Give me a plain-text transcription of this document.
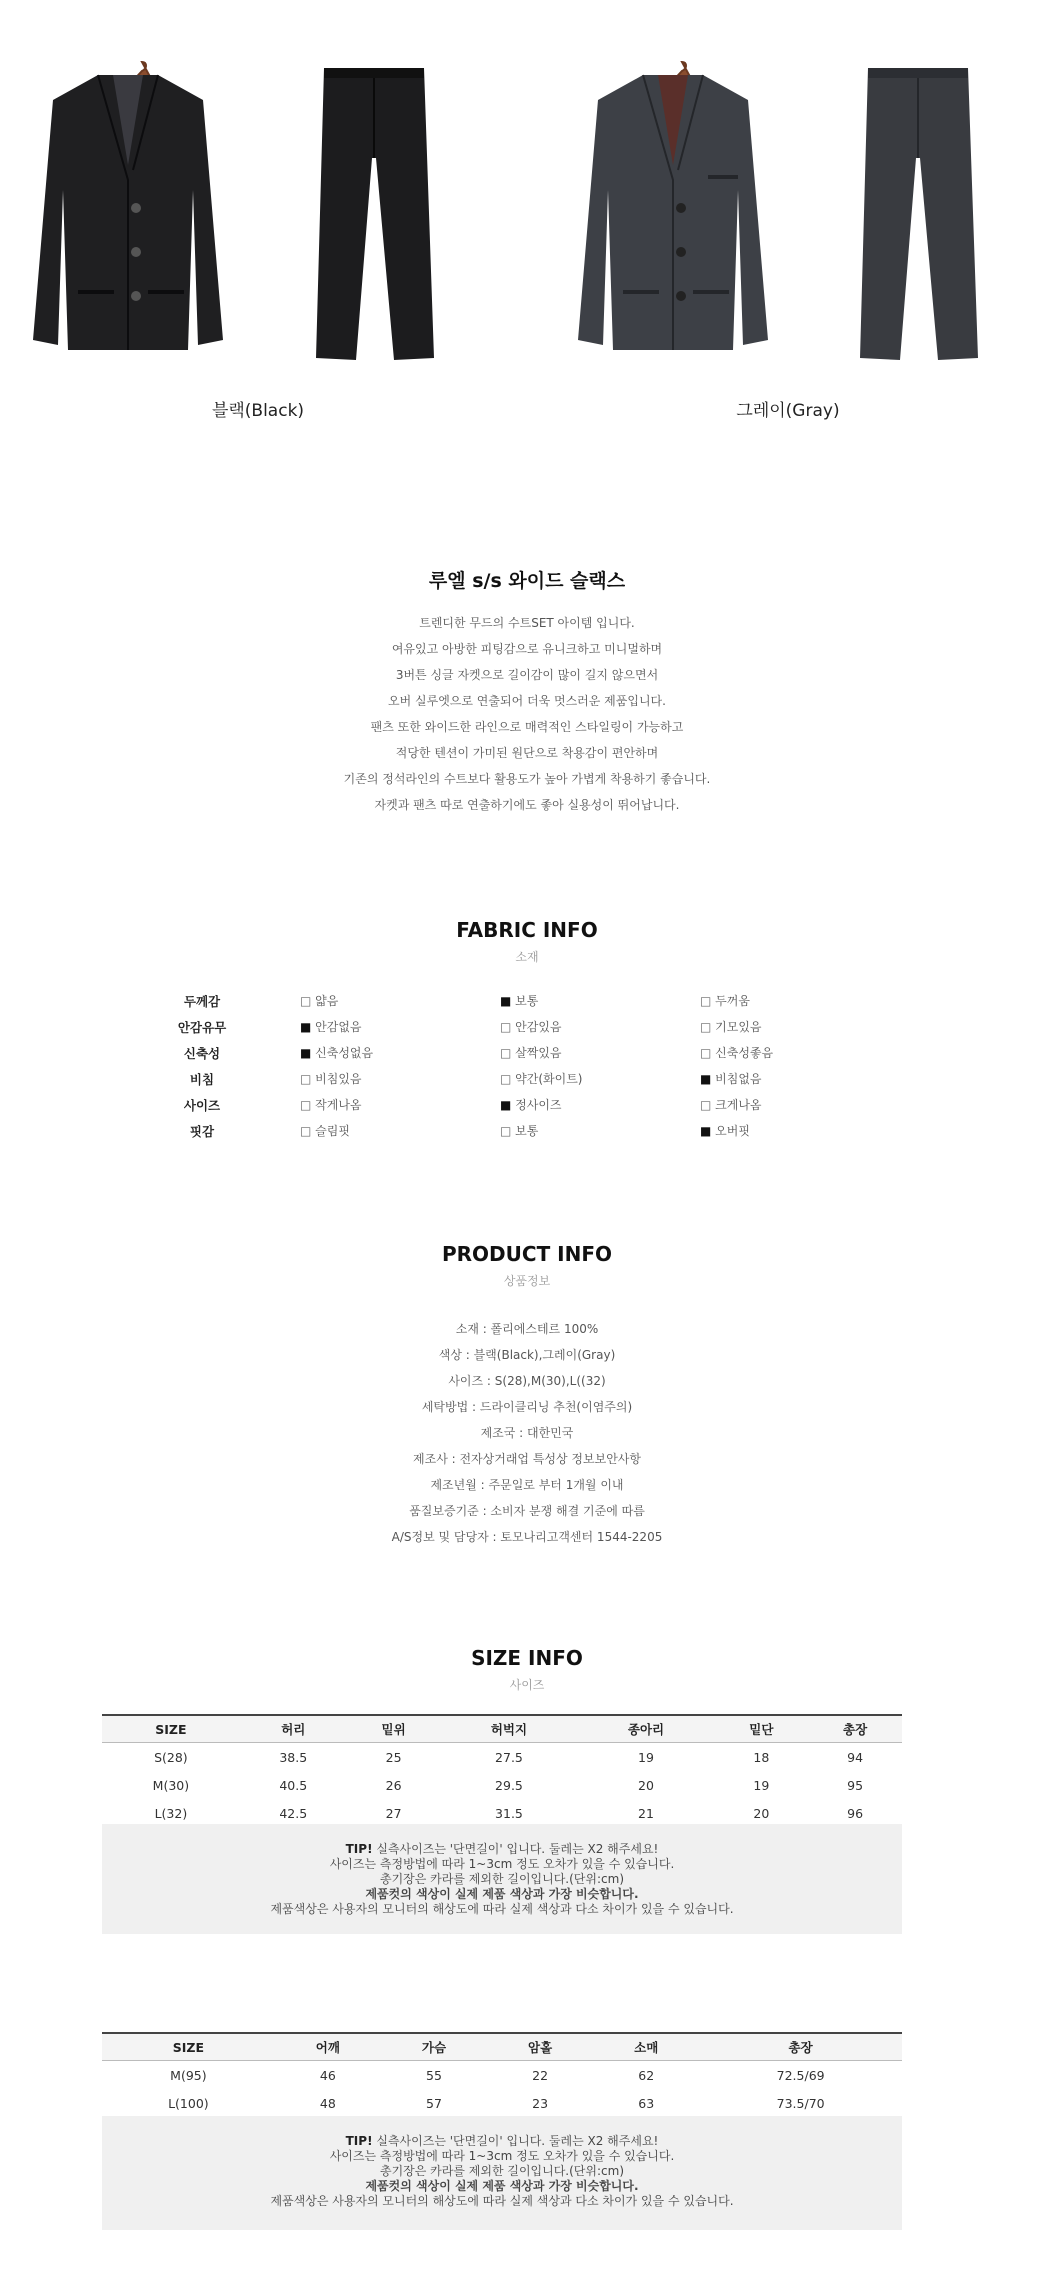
블랙(Black)	그레이(Gray)
루엘 s/s 와이드 슬랙스
트렌디한 무드의 수트SET 아이템 입니다.
여유있고 아방한 피팅감으로 유니크하고 미니멀하며
3버튼 싱글 자켓으로 길이감이 많이 길지 않으면서
오버 실루엣으로 연출되어 더욱 멋스러운 제품입니다.
팬츠 또한 와이드한 라인으로 매력적인 스타일링이 가능하고
적당한 텐션이 가미된 원단으로 착용감이 편안하며
기존의 정석라인의 수트보다 활용도가 높아 가볍게 착용하기 좋습니다.
자켓과 팬츠 따로 연출하기에도 좋아 실용성이 뛰어납니다.
FABRIC INFO
소재
두께감	□ 얇음	■ 보통	□ 두꺼움
안감유무	■ 안감없음	□ 안감있음	□ 기모있음
신축성	■ 신축성없음	□ 살짝있음	□ 신축성좋음
비침	□ 비침있음	□ 약간(화이트)	■ 비침없음
사이즈	□ 작게나옴	■ 정사이즈	□ 크게나옴
핏감	□ 슬림핏	□ 보통	■ 오버핏
PRODUCT INFO
상품정보
소재 : 폴리에스테르 100%
색상 : 블랙(Black),그레이(Gray)
사이즈 : S(28),M(30),L((32)
세탁방법 : 드라이클리닝 추천(이염주의)
제조국 : 대한민국
제조사 : 전자상거래업 특성상 정보보안사항
제조년월 : 주문일로 부터 1개월 이내
품질보증기준 : 소비자 분쟁 해결 기준에 따름
A/S정보 및 담당자 : 토모나리고객센터 1544-2205
SIZE INFO
사이즈
SIZE	허리	밑위	허벅지	종아리	밑단	총장
S(28)	38.5	25	27.5	19	18	94
M(30)	40.5	26	29.5	20	19	95
L(32)	42.5	27	31.5	21	20	96
TIP! 실측사이즈는 '단면길이' 입니다. 둘레는 X2 해주세요!
사이즈는 측정방법에 따라 1~3cm 정도 오차가 있을 수 있습니다.
총기장은 카라를 제외한 길이입니다.(단위:cm)
제품컷의 색상이 실제 제품 색상과 가장 비슷합니다.
제품색상은 사용자의 모니터의 해상도에 따라 실제 색상과 다소 차이가 있을 수 있습니다.
SIZE	어깨	가슴	암홀	소매	총장
M(95)	46	55	22	62	72.5/69
L(100)	48	57	23	63	73.5/70
TIP! 실측사이즈는 '단면길이' 입니다. 둘레는 X2 해주세요!
사이즈는 측정방법에 따라 1~3cm 정도 오차가 있을 수 있습니다.
총기장은 카라를 제외한 길이입니다.(단위:cm)
제품컷의 색상이 실제 제품 색상과 가장 비슷합니다.
제품색상은 사용자의 모니터의 해상도에 따라 실제 색상과 다소 차이가 있을 수 있습니다.
